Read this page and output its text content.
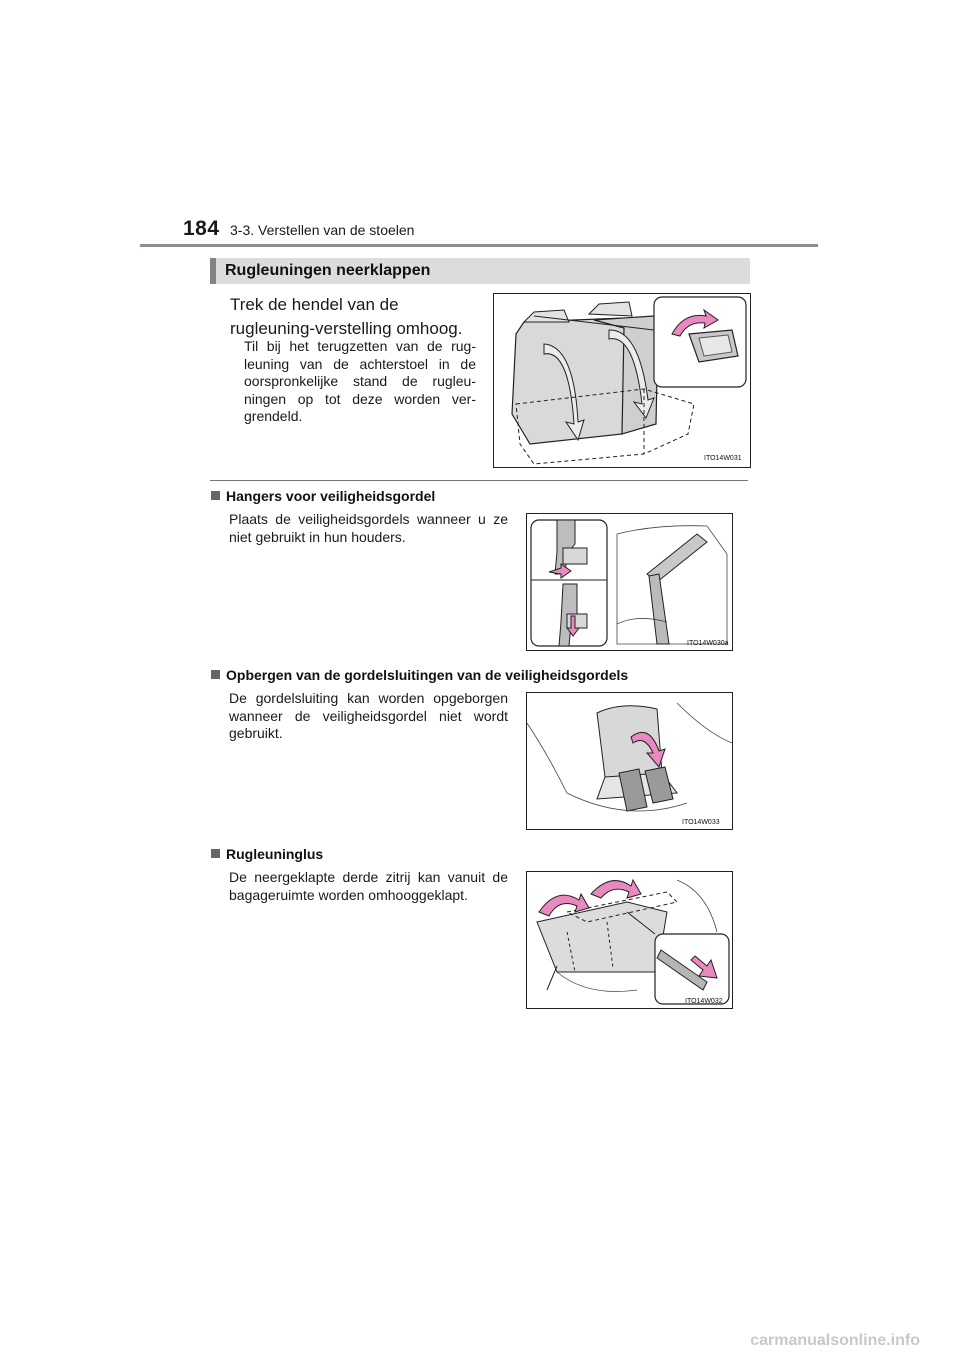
184 3-3. Verstellen van de stoelen
Rugleuningen neerklappen
Trek de hendel van de rugleuning-verstelling omhoog.
Til bij het terugzetten van de rug-leuning van de achterstoel in de oorspronkelijke stand de rugleu-ningen op tot deze worden ver-grendeld.
ITO14W031
Hangers voor veiligheidsgordel
Plaats de veiligheidsgordels wanneer u ze niet gebruikt in hun houders.
ITO14W030a
Opbergen van de gordelsluitingen van de veiligheidsgordels
De gordelsluiting kan worden opgeborgen wanneer de veiligheidsgordel niet wordt gebruikt.
ITO14W033
Rugleuninglus
De neergeklapte derde zitrij kan vanuit de bagageruimte worden omhooggeklapt.
ITO14W032
carmanualsonline.info
